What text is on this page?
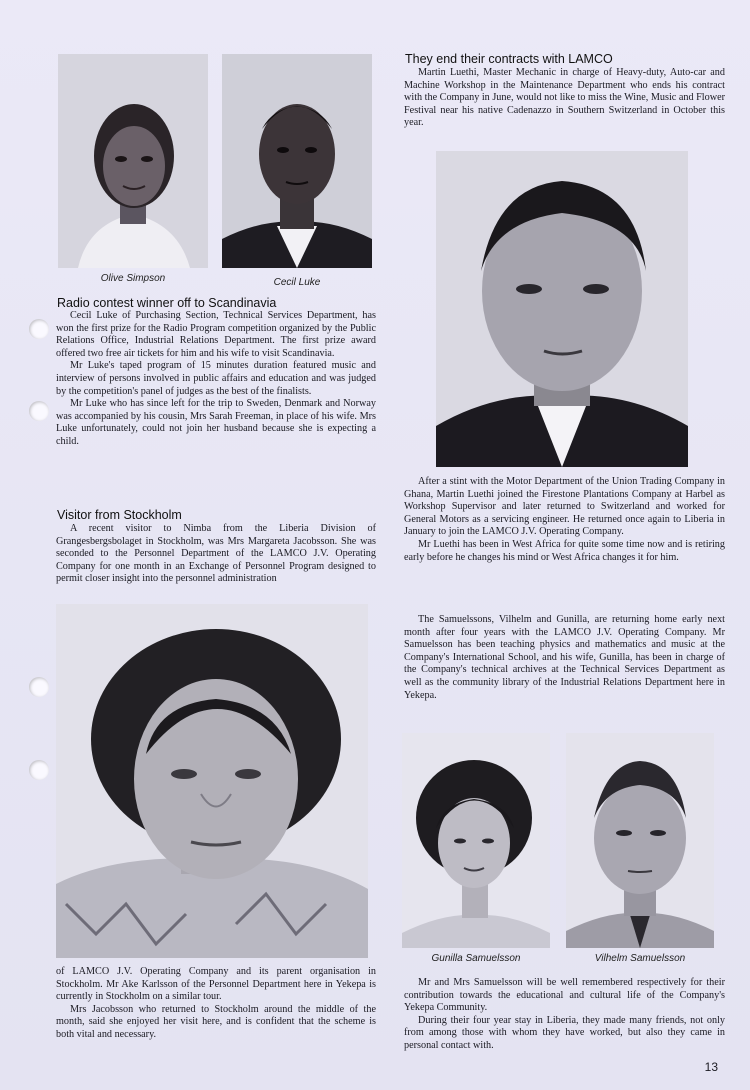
Olive Simpson	Cecil Luke
Radio contest winner off to Scandinavia

Cecil Luke of Purchasing Section, Technical Services Department, has won the first prize for the Radio Program competition organized by the Public Relations Office, Industrial Relations Department. The first prize award offered two free air tickets for him and his wife to visit Scandinavia.

Mr Luke's taped program of 15 minutes duration featured music and interview of persons involved in public affairs and education and was judged by the competition's panel of judges as the best of the finalists.

Mr Luke who has since left for the trip to Sweden, Denmark and Norway was accompanied by his cousin, Mrs Sarah Freeman, in place of his wife. Mrs Luke unfortunately, could not join her husband because she is expecting a child.

Visitor from Stockholm

A recent visitor to Nimba from the Liberia Division of Grangesbergsbolaget in Stockholm, was Mrs Margareta Jacobsson. She was seconded to the Personnel Department of the LAMCO J.V. Operating Company for one month in an Exchange of Personnel Program designed to permit closer insight into the personnel administration

of LAMCO J.V. Operating Company and its parent organisation in Stockholm. Mr Ake Karlsson of the Personnel Department here in Yekepa is currently in Stockholm on a similar tour.

Mrs Jacobsson who returned to Stockholm around the middle of the month, said she enjoyed her visit here, and is confident that the scheme is both vital and necessary.

They end their contracts with LAMCO

Martin Luethi, Master Mechanic in charge of Heavy-duty, Auto-car and Machine Workshop in the Maintenance Department who ends his contract with the Company in June, would not like to miss the Wine, Music and Flower Festival near his native Cadenazzo in Southern Switzerland in October this year.

After a stint with the Motor Department of the Union Trading Company in Ghana, Martin Luethi joined the Firestone Plantations Company at Harbel as Workshop Supervisor and later returned to Switzerland and worked for General Motors as a servicing engineer. He returned once again to Liberia in January to join the LAMCO J.V. Operating Company.

Mr Luethi has been in West Africa for quite some time now and is retiring early before he changes his mind or West Africa changes it for him.

The Samuelssons, Vilhelm and Gunilla, are returning home early next month after four years with the LAMCO J.V. Operating Company. Mr Samuelsson has been teaching physics and mathematics and music at the Company's International School, and his wife, Gunilla, has been in charge of the Company's technical archives at the Technical Services Department as well as the community library of the Industrial Relations Department here in Yekepa.

Gunilla Samuelsson	Vilhelm Samuelsson

Mr and Mrs Samuelsson will be well remembered respectively for their contribution towards the educational and cultural life of the Company's Yekepa Community.

During their four year stay in Liberia, they made many friends, not only from among those with whom they have worked, but also they came in personal contact with.

13
